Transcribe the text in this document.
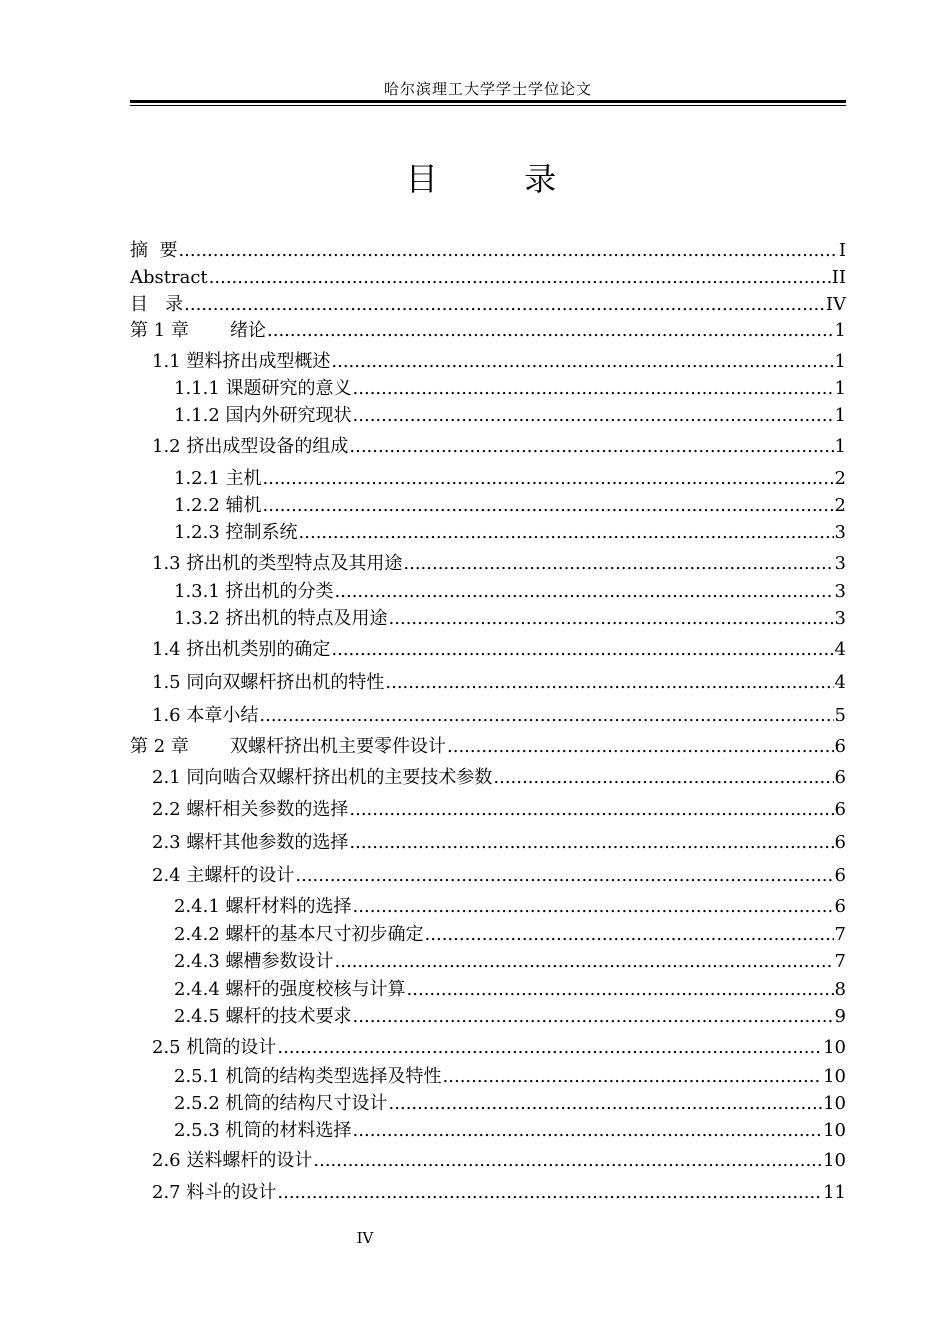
哈尔滨理工大学学士学位论文
目   录
摘  要 .....	I
Abstract .....	II
目   录 .....	IV
第 1 章 绪论 .....	1
1.1 塑料挤出成型概述 .....	1
1.1.1 课题研究的意义 .....	1
1.1.2 国内外研究现状 .....	1
1.2 挤出成型设备的组成 .....	1
1.2.1 主机 .....	2
1.2.2 辅机 .....	2
1.2.3 控制系统 .....	3
1.3 挤出机的类型特点及其用途 .....	3
1.3.1 挤出机的分类 .....	3
1.3.2 挤出机的特点及用途 .....	3
1.4 挤出机类别的确定 .....	4
1.5 同向双螺杆挤出机的特性 .....	4
1.6 本章小结 .....	5
第 2 章 双螺杆挤出机主要零件设计 .....	6
2.1 同向啮合双螺杆挤出机的主要技术参数 .....	6
2.2 螺杆相关参数的选择 .....	6
2.3 螺杆其他参数的选择 .....	6
2.4 主螺杆的设计 .....	6
2.4.1 螺杆材料的选择 .....	6
2.4.2 螺杆的基本尺寸初步确定 .....	7
2.4.3 螺槽参数设计 .....	7
2.4.4 螺杆的强度校核与计算 .....	8
2.4.5 螺杆的技术要求 .....	9
2.5 机筒的设计 .....	10
2.5.1 机筒的结构类型选择及特性 .....	10
2.5.2 机筒的结构尺寸设计 .....	10
2.5.3 机筒的材料选择 .....	10
2.6 送料螺杆的设计 .....	10
2.7 料斗的设计 .....	11
IV
